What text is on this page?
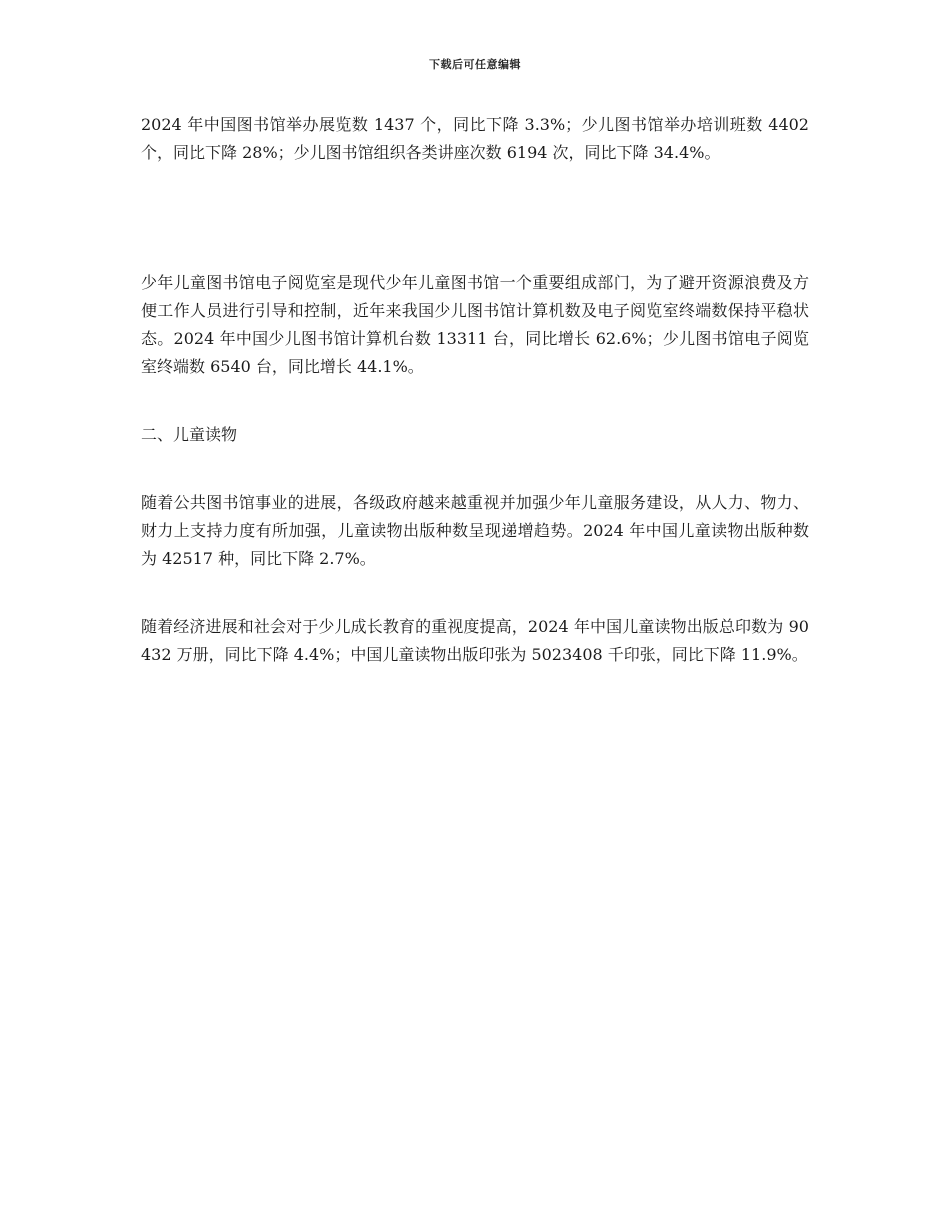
下载后可任意编辑

2024 年中国图书馆举办展览数 1437 个，同比下降 3.3%；少儿图书馆举办培训班数 4402 个，同比下降 28%；少儿图书馆组织各类讲座次数 6194 次，同比下降 34.4%。

少年儿童图书馆电子阅览室是现代少年儿童图书馆一个重要组成部门，为了避开资源浪费及方便工作人员进行引导和控制，近年来我国少儿图书馆计算机数及电子阅览室终端数保持平稳状态。2024 年中国少儿图书馆计算机台数 13311 台，同比增长 62.6%；少儿图书馆电子阅览室终端数 6540 台，同比增长 44.1%。

二、儿童读物

随着公共图书馆事业的进展，各级政府越来越重视并加强少年儿童服务建设，从人力、物力、财力上支持力度有所加强，儿童读物出版种数呈现递增趋势。2024 年中国儿童读物出版种数为 42517 种，同比下降 2.7%。

随着经济进展和社会对于少儿成长教育的重视度提高，2024 年中国儿童读物出版总印数为 90432 万册，同比下降 4.4%；中国儿童读物出版印张为 5023408 千印张，同比下降 11.9%。
